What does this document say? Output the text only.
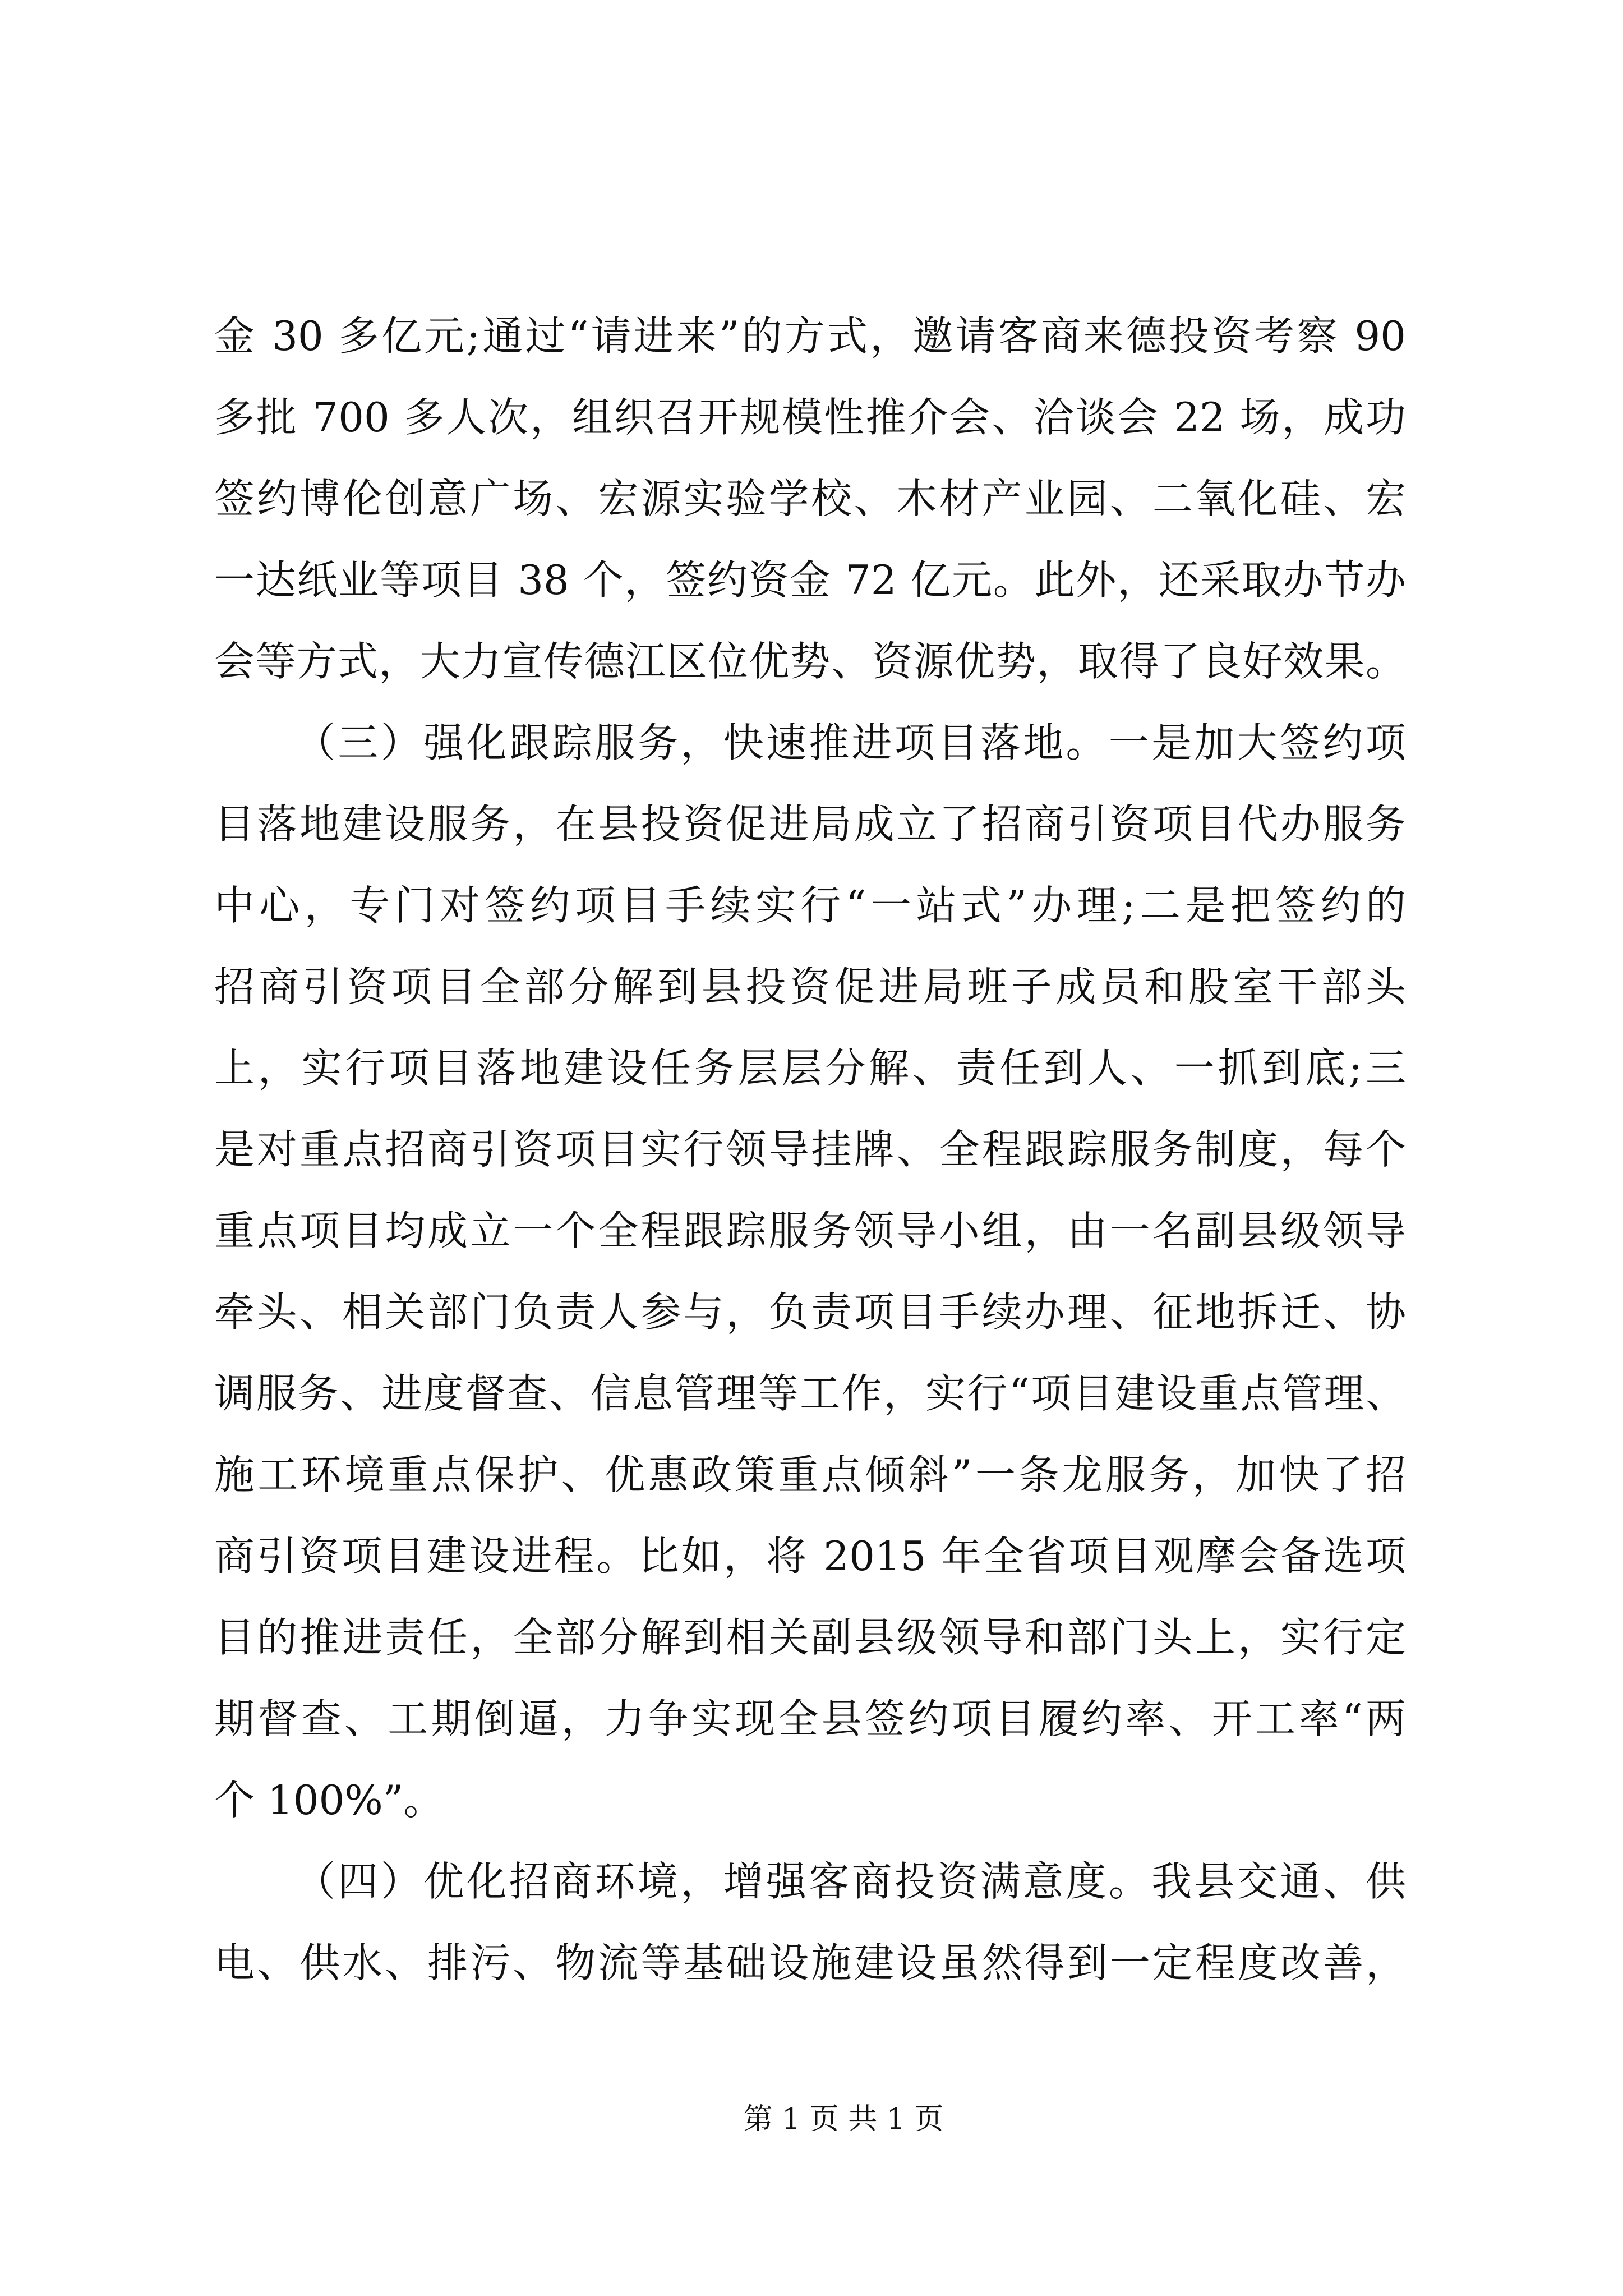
金 30 多亿元;通过“请进来”的方式，邀请客商来德投资考察 90
多批 700 多人次，组织召开规模性推介会、洽谈会 22 场，成功
签约博伦创意广场、宏源实验学校、木材产业园、二氧化硅、宏
一达纸业等项目 38 个，签约资金 72 亿元。此外，还采取办节办
会等方式，大力宣传德江区位优势、资源优势，取得了良好效果。
（三）强化跟踪服务，快速推进项目落地。一是加大签约项
目落地建设服务，在县投资促进局成立了招商引资项目代办服务
中心，专门对签约项目手续实行“一站式”办理;二是把签约的
招商引资项目全部分解到县投资促进局班子成员和股室干部头
上，实行项目落地建设任务层层分解、责任到人、一抓到底;三
是对重点招商引资项目实行领导挂牌、全程跟踪服务制度，每个
重点项目均成立一个全程跟踪服务领导小组，由一名副县级领导
牵头、相关部门负责人参与，负责项目手续办理、征地拆迁、协
调服务、进度督查、信息管理等工作，实行“项目建设重点管理、
施工环境重点保护、优惠政策重点倾斜”一条龙服务，加快了招
商引资项目建设进程。比如，将 2015 年全省项目观摩会备选项
目的推进责任，全部分解到相关副县级领导和部门头上，实行定
期督查、工期倒逼，力争实现全县签约项目履约率、开工率“两
个 100%”。
（四）优化招商环境，增强客商投资满意度。我县交通、供
电、供水、排污、物流等基础设施建设虽然得到一定程度改善，
第 1 页 共 1 页
